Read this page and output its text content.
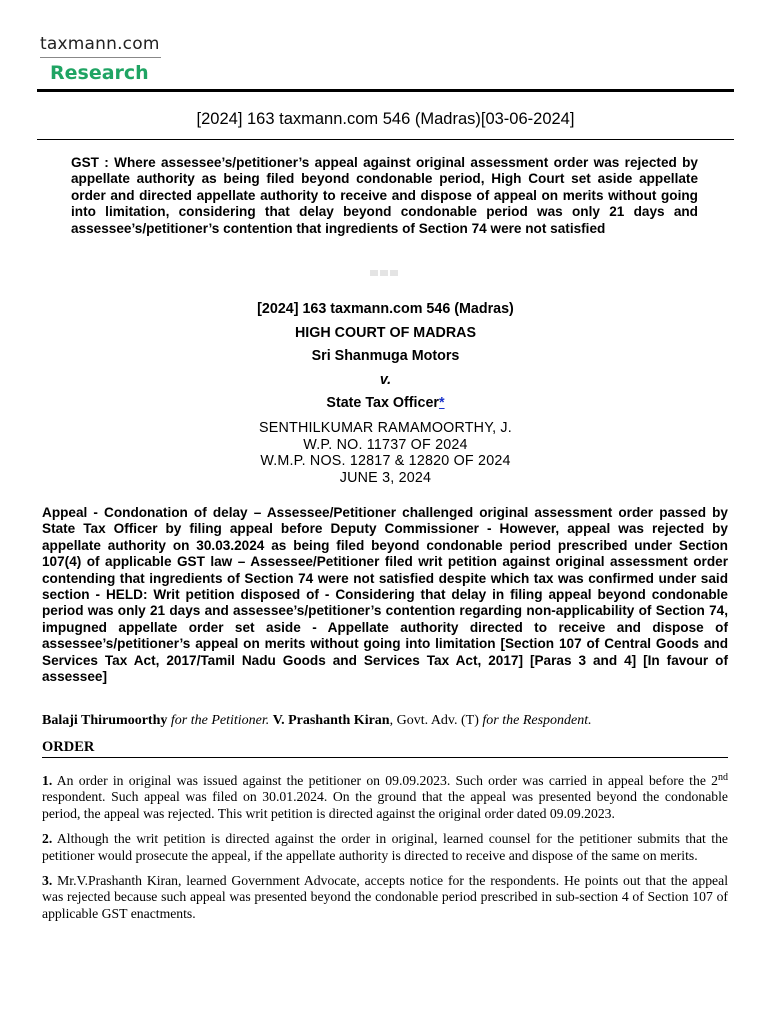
taxmann.com
Research
[2024] 163 taxmann.com 546 (Madras)[03-06-2024]
GST : Where assessee’s/petitioner’s appeal against original assessment order was rejected by appellate authority as being filed beyond condonable period, High Court set aside appellate order and directed appellate authority to receive and dispose of appeal on merits without going into limitation, considering that delay beyond condonable period was only 21 days and assessee’s/petitioner’s contention that ingredients of Section 74 were not satisfied
[2024] 163 taxmann.com 546 (Madras)
HIGH COURT OF MADRAS
Sri Shanmuga Motors
v.
State Tax Officer*
SENTHILKUMAR RAMAMOORTHY, J.
W.P. NO. 11737 OF 2024
W.M.P. NOS. 12817 & 12820 OF 2024
JUNE 3, 2024
Appeal - Condonation of delay – Assessee/Petitioner challenged original assessment order passed by State Tax Officer by filing appeal before Deputy Commissioner - However, appeal was rejected by appellate authority on 30.03.2024 as being filed beyond condonable period prescribed under Section 107(4) of applicable GST law – Assessee/Petitioner filed writ petition against original assessment order contending that ingredients of Section 74 were not satisfied despite which tax was confirmed under said section - HELD: Writ petition disposed of - Considering that delay in filing appeal beyond condonable period was only 21 days and assessee’s/petitioner’s contention regarding non-applicability of Section 74, impugned appellate order set aside - Appellate authority directed to receive and dispose of assessee’s/petitioner’s appeal on merits without going into limitation [Section 107 of Central Goods and Services Tax Act, 2017/Tamil Nadu Goods and Services Tax Act, 2017] [Paras 3 and 4] [In favour of assessee]
Balaji Thirumoorthy for the Petitioner. V. Prashanth Kiran, Govt. Adv. (T) for the Respondent.
ORDER

1. An order in original was issued against the petitioner on 09.09.2023. Such order was carried in appeal before the 2nd respondent. Such appeal was filed on 30.01.2024. On the ground that the appeal was presented beyond the condonable period, the appeal was rejected. This writ petition is directed against the original order dated 09.09.2023.

2. Although the writ petition is directed against the order in original, learned counsel for the petitioner submits that the petitioner would prosecute the appeal, if the appellate authority is directed to receive and dispose of the same on merits.

3. Mr.V.Prashanth Kiran, learned Government Advocate, accepts notice for the respondents. He points out that the appeal was rejected because such appeal was presented beyond the condonable period prescribed in sub-section 4 of Section 107 of applicable GST enactments.
